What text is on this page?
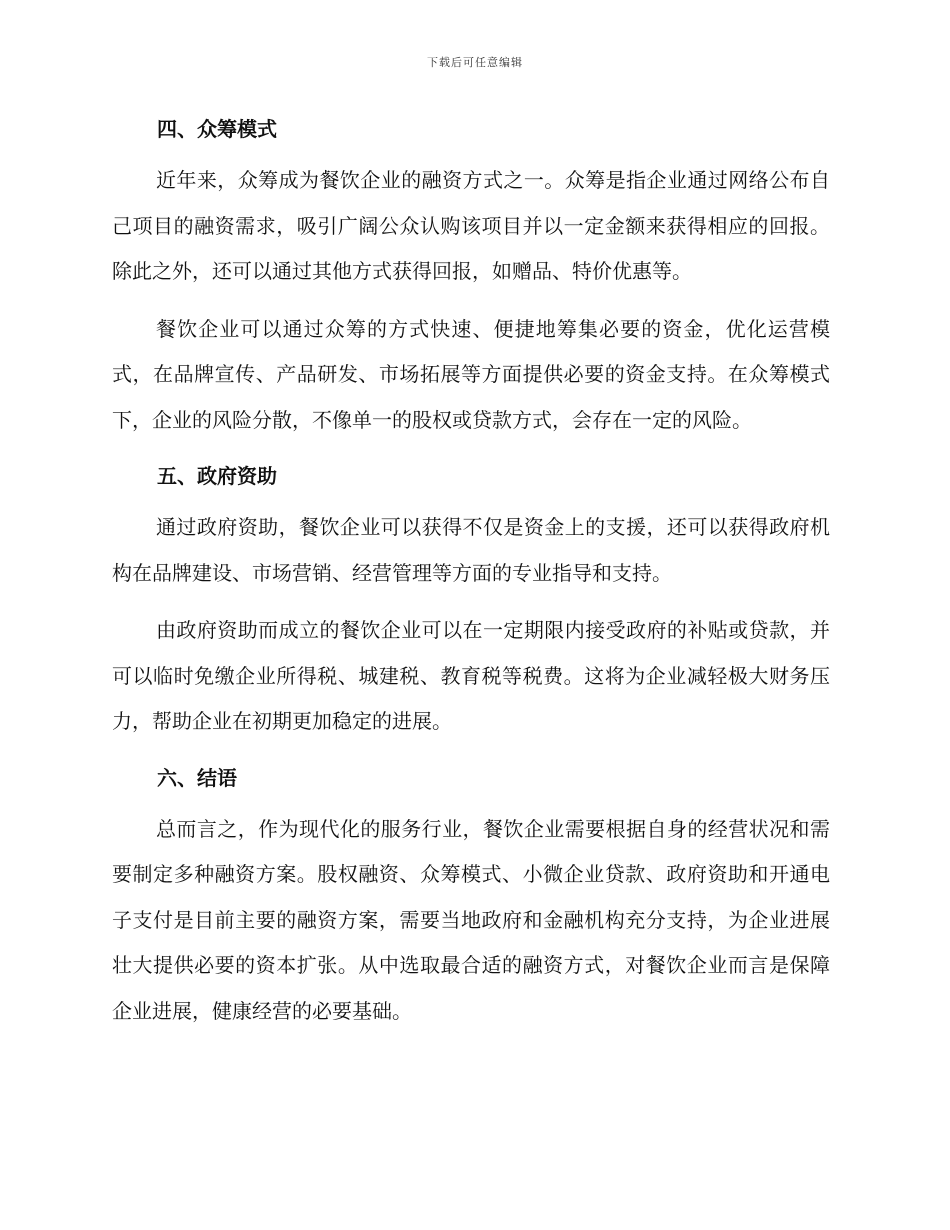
下载后可任意编辑
四、众筹模式

近年来，众筹成为餐饮企业的融资方式之一。众筹是指企业通过网络公布自己项目的融资需求，吸引广阔公众认购该项目并以一定金额来获得相应的回报。除此之外，还可以通过其他方式获得回报，如赠品、特价优惠等。

餐饮企业可以通过众筹的方式快速、便捷地筹集必要的资金，优化运营模式，在品牌宣传、产品研发、市场拓展等方面提供必要的资金支持。在众筹模式下，企业的风险分散，不像单一的股权或贷款方式，会存在一定的风险。

五、政府资助

通过政府资助，餐饮企业可以获得不仅是资金上的支援，还可以获得政府机构在品牌建设、市场营销、经营管理等方面的专业指导和支持。

由政府资助而成立的餐饮企业可以在一定期限内接受政府的补贴或贷款，并可以临时免缴企业所得税、城建税、教育税等税费。这将为企业减轻极大财务压力，帮助企业在初期更加稳定的进展。

六、结语

总而言之，作为现代化的服务行业，餐饮企业需要根据自身的经营状况和需要制定多种融资方案。股权融资、众筹模式、小微企业贷款、政府资助和开通电子支付是目前主要的融资方案，需要当地政府和金融机构充分支持，为企业进展壮大提供必要的资本扩张。从中选取最合适的融资方式，对餐饮企业而言是保障企业进展，健康经营的必要基础。
